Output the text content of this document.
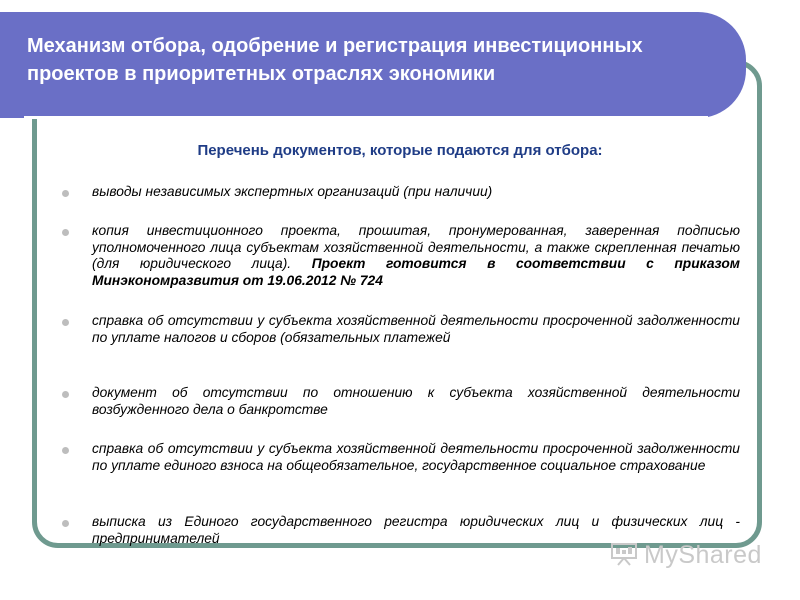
Механизм отбора, одобрение и регистрация инвестиционных проектов в приоритетных отраслях экономики
Перечень документов, которые подаются для отбора:
выводы независимых экспертных организаций (при наличии)
копия инвестиционного проекта, прошитая, пронумерованная, заверенная подписью уполномоченного лица субъектам хозяйственной деятельности, а также скрепленная печатью (для юридического лица). Проект готовится в соответствии с приказом Минэкономразвития от 19.06.2012 № 724
справка об отсутствии у субъекта хозяйственной деятельности просроченной задолженности по уплате налогов и сборов (обязательных платежей
документ об отсутствии по отношению к субъекта хозяйственной деятельности возбужденного дела о банкротстве
справка об отсутствии у субъекта хозяйственной деятельности просроченной задолженности по уплате единого взноса на общеобязательное, государственное социальное страхование
выписка из Единого государственного регистра юридических лиц и физических лиц - предпринимателей
MyShared
